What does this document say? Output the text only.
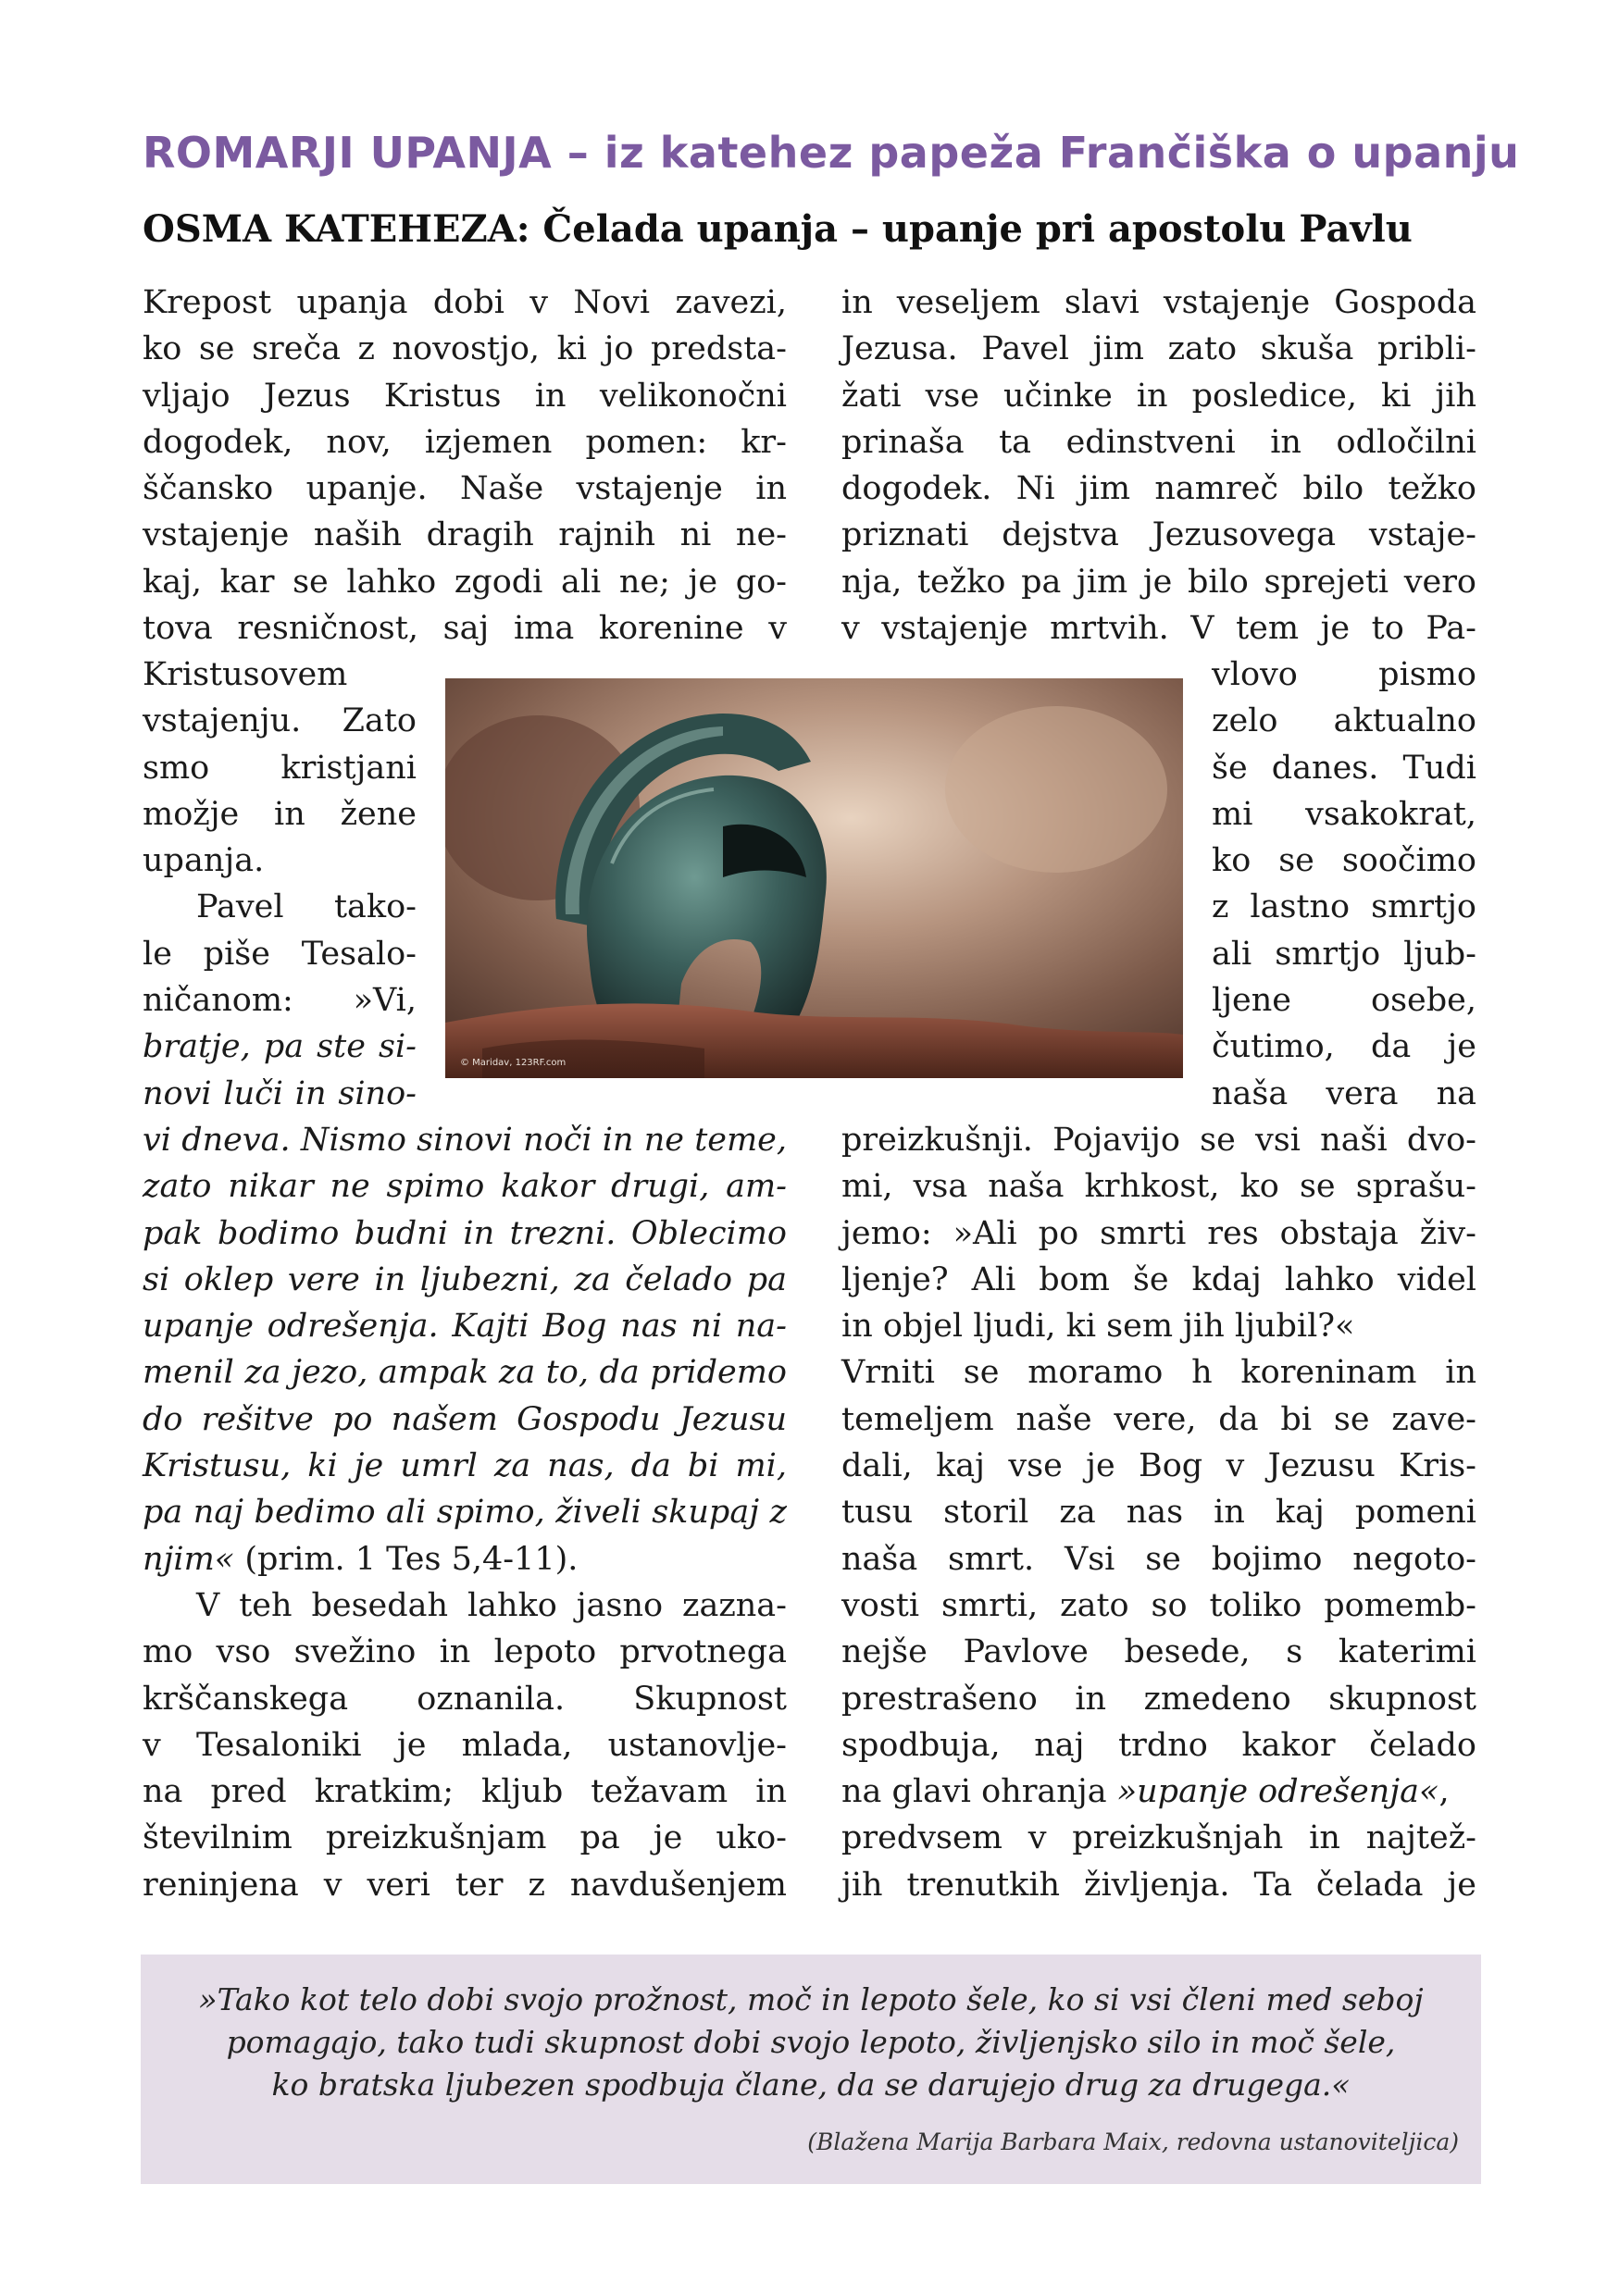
ROMARJI UPANJA – iz katehez papeža Frančiška o upanju
OSMA KATEHEZA: Čelada upanja – upanje pri apostolu Pavlu
Krepost upanja dobi v Novi zavezi,
ko se sreča z novostjo, ki jo predsta-
vljajo Jezus Kristus in velikonočni
dogodek, nov, izjemen pomen: kr-
ščansko upanje. Naše vstajenje in
vstajenje naših dragih rajnih ni ne-
kaj, kar se lahko zgodi ali ne; je go-
tova resničnost, saj ima korenine v
Kristusovem
vstajenju. Zato
smo kristjani
možje in žene
upanja.
Pavel tako-
le piše Tesalo-
ničanom: »Vi,
bratje, pa ste si-
novi luči in sino-
© Maridav, 123RF.com
vi dneva. Nismo sinovi noči in ne teme,
zato nikar ne spimo kakor drugi, am-
pak bodimo budni in trezni. Oblecimo
si oklep vere in ljubezni, za čelado pa
upanje odrešenja. Kajti Bog nas ni na-
menil za jezo, ampak za to, da pridemo
do rešitve po našem Gospodu Jezusu
Kristusu, ki je umrl za nas, da bi mi,
pa naj bedimo ali spimo, živeli skupaj z
njim« (prim. 1 Tes 5,4-11).
V teh besedah lahko jasno zazna-
mo vso svežino in lepoto prvotnega
krščanskega oznanila. Skupnost
v Tesaloniki je mlada, ustanovlje-
na pred kratkim; kljub težavam in
številnim preizkušnjam pa je uko-
reninjena v veri ter z navdušenjem
in veseljem slavi vstajenje Gospoda
Jezusa. Pavel jim zato skuša pribli-
žati vse učinke in posledice, ki jih
prinaša ta edinstveni in odločilni
dogodek. Ni jim namreč bilo težko
priznati dejstva Jezusovega vstaje-
nja, težko pa jim je bilo sprejeti vero
v vstajenje mrtvih. V tem je to Pa-
vlovo pismo
zelo aktualno
še danes. Tudi
mi vsakokrat,
ko se soočimo
z lastno smrtjo
ali smrtjo ljub-
ljene osebe,
čutimo, da je
naša vera na
preizkušnji. Pojavijo se vsi naši dvo-
mi, vsa naša krhkost, ko se sprašu-
jemo: »Ali po smrti res obstaja živ-
ljenje? Ali bom še kdaj lahko videl
in objel ljudi, ki sem jih ljubil?«
Vrniti se moramo h koreninam in
temeljem naše vere, da bi se zave-
dali, kaj vse je Bog v Jezusu Kris-
tusu storil za nas in kaj pomeni
naša smrt. Vsi se bojimo negoto-
vosti smrti, zato so toliko pomemb-
nejše Pavlove besede, s katerimi
prestrašeno in zmedeno skupnost
spodbuja, naj trdno kakor čelado
na glavi ohranja »upanje odrešenja«,
predvsem v preizkušnjah in najtež-
jih trenutkih življenja. Ta čelada je
»Tako kot telo dobi svojo prožnost, moč in lepoto šele, ko si vsi členi med seboj
pomagajo, tako tudi skupnost dobi svojo lepoto, življenjsko silo in moč šele,
ko bratska ljubezen spodbuja člane, da se darujejo drug za drugega.«
(Blažena Marija Barbara Maix, redovna ustanoviteljica)
